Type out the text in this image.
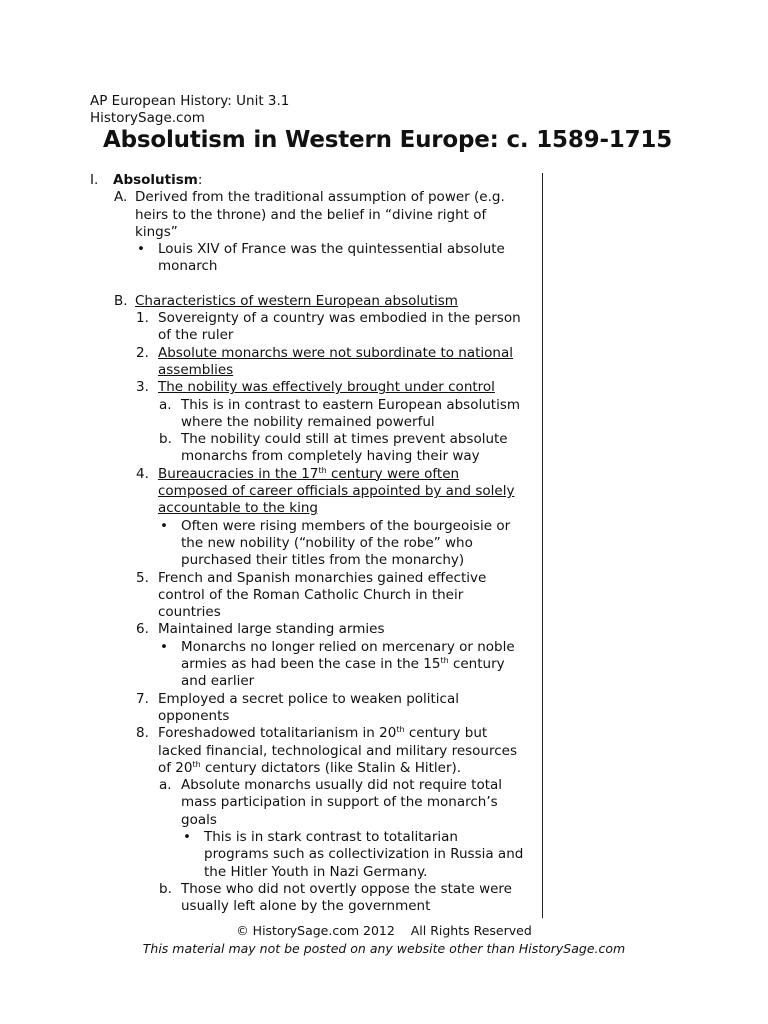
AP European History: Unit 3.1
HistorySage.com
Absolutism in Western Europe: c. 1589-1715
I. Absolutism:
A. Derived from the traditional assumption of power (e.g.
heirs to the throne) and the belief in “divine right of
kings”
• Louis XIV of France was the quintessential absolute
monarch
B. Characteristics of western European absolutism
1. Sovereignty of a country was embodied in the person
of the ruler
2. Absolute monarchs were not subordinate to national
assemblies
3. The nobility was effectively brought under control
a. This is in contrast to eastern European absolutism
where the nobility remained powerful
b. The nobility could still at times prevent absolute
monarchs from completely having their way
4. Bureaucracies in the 17th century were often
composed of career officials appointed by and solely
accountable to the king
• Often were rising members of the bourgeoisie or
the new nobility (“nobility of the robe” who
purchased their titles from the monarchy)
5. French and Spanish monarchies gained effective
control of the Roman Catholic Church in their
countries
6. Maintained large standing armies
• Monarchs no longer relied on mercenary or noble
armies as had been the case in the 15th century
and earlier
7. Employed a secret police to weaken political
opponents
8. Foreshadowed totalitarianism in 20th century but
lacked financial, technological and military resources
of 20th century dictators (like Stalin & Hitler).
a. Absolute monarchs usually did not require total
mass participation in support of the monarch’s
goals
• This is in stark contrast to totalitarian
programs such as collectivization in Russia and
the Hitler Youth in Nazi Germany.
b. Those who did not overtly oppose the state were
usually left alone by the government
© HistorySage.com 2012 All Rights Reserved
This material may not be posted on any website other than HistorySage.com
